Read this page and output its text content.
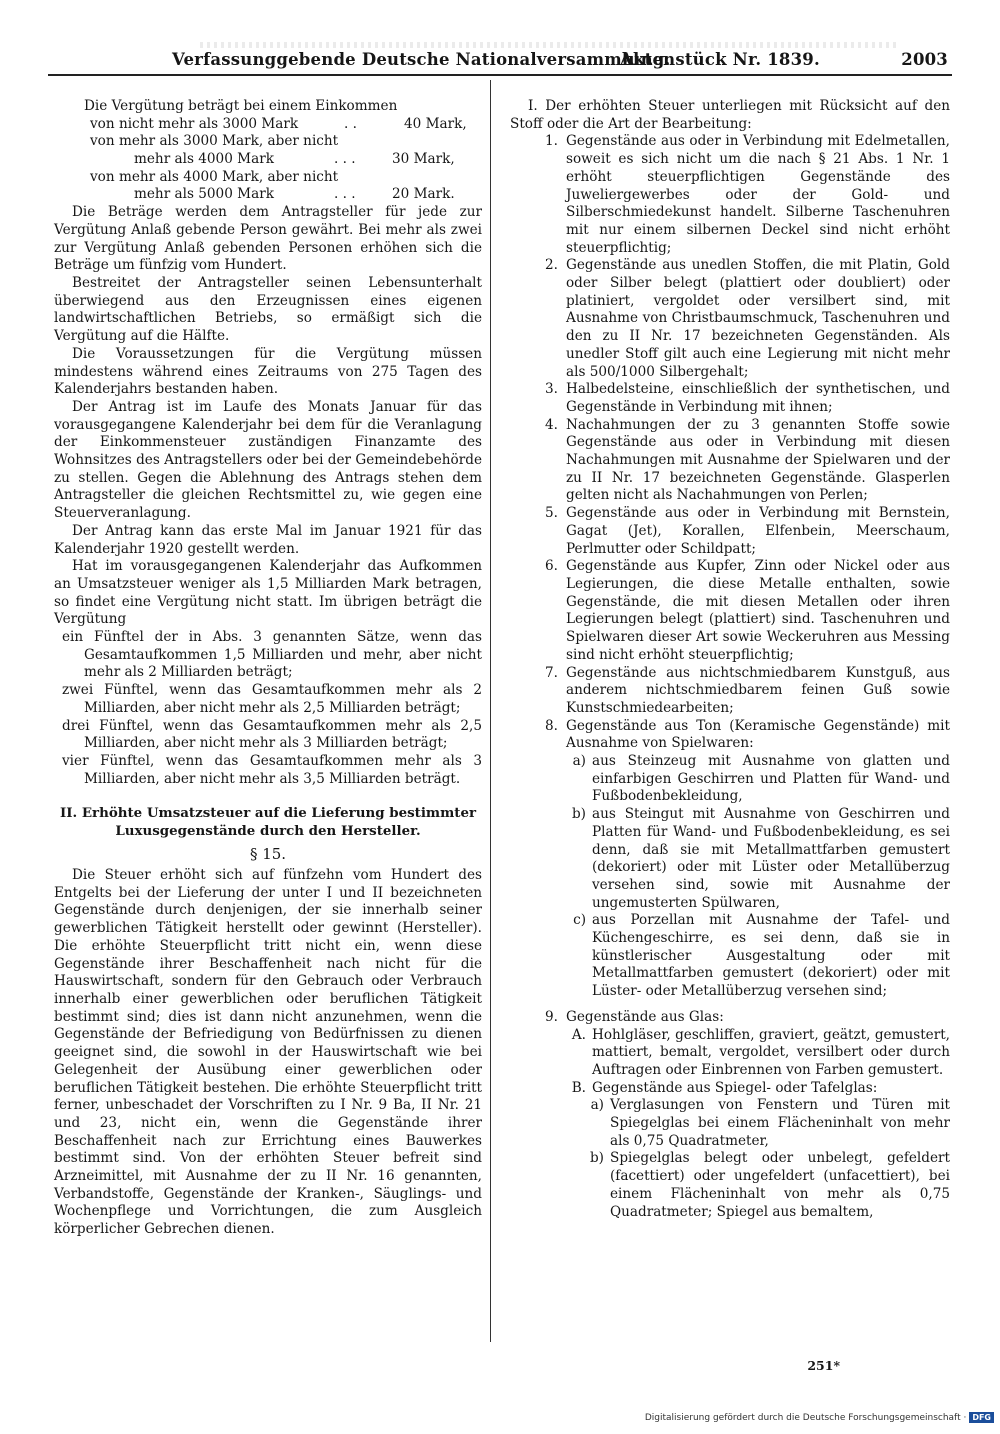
Verfassunggebende Deutsche Nationalversammlung.
Aktenstück Nr. 1839.	2003
Die Vergütung beträgt bei einem Einkommen
von nicht mehr als 3000 Mark	. .	40 Mark,
von mehr als 3000 Mark, aber nicht
mehr als 4000 Mark	. . .	30 Mark,
von mehr als 4000 Mark, aber nicht
mehr als 5000 Mark	. . .	20 Mark.

Die Beträge werden dem Antragsteller für jede zur Vergütung Anlaß gebende Person gewährt. Bei mehr als zwei zur Vergütung Anlaß gebenden Personen erhöhen sich die Beträge um fünfzig vom Hundert.

Bestreitet der Antragsteller seinen Lebensunterhalt überwiegend aus den Erzeugnissen eines eigenen landwirtschaftlichen Betriebs, so ermäßigt sich die Vergütung auf die Hälfte.

Die Voraussetzungen für die Vergütung müssen mindestens während eines Zeitraums von 275 Tagen des Kalenderjahrs bestanden haben.

Der Antrag ist im Laufe des Monats Januar für das vorausgegangene Kalenderjahr bei dem für die Veranlagung der Einkommensteuer zuständigen Finanzamte des Wohnsitzes des Antragstellers oder bei der Gemeindebehörde zu stellen. Gegen die Ablehnung des Antrags stehen dem Antragsteller die gleichen Rechtsmittel zu, wie gegen eine Steuerveranlagung.

Der Antrag kann das erste Mal im Januar 1921 für das Kalenderjahr 1920 gestellt werden.

Hat im vorausgegangenen Kalenderjahr das Aufkommen an Umsatzsteuer weniger als 1,5 Milliarden Mark betragen, so findet eine Vergütung nicht statt. Im übrigen beträgt die Vergütung

ein Fünftel der in Abs. 3 genannten Sätze, wenn das Gesamtaufkommen 1,5 Milliarden und mehr, aber nicht mehr als 2 Milliarden beträgt;
zwei Fünftel, wenn das Gesamtaufkommen mehr als 2 Milliarden, aber nicht mehr als 2,5 Milliarden beträgt;
drei Fünftel, wenn das Gesamtaufkommen mehr als 2,5 Milliarden, aber nicht mehr als 3 Milliarden beträgt;
vier Fünftel, wenn das Gesamtaufkommen mehr als 3 Milliarden, aber nicht mehr als 3,5 Milliarden beträgt.
II. Erhöhte Umsatzsteuer auf die Lieferung bestimmter Luxusgegenstände durch den Hersteller.
§ 15.

Die Steuer erhöht sich auf fünfzehn vom Hundert des Entgelts bei der Lieferung der unter I und II bezeichneten Gegenstände durch denjenigen, der sie innerhalb seiner gewerblichen Tätigkeit herstellt oder gewinnt (Hersteller). Die erhöhte Steuerpflicht tritt nicht ein, wenn diese Gegenstände ihrer Beschaffenheit nach nicht für die Hauswirtschaft, sondern für den Gebrauch oder Verbrauch innerhalb einer gewerblichen oder beruflichen Tätigkeit bestimmt sind; dies ist dann nicht anzunehmen, wenn die Gegenstände der Befriedigung von Bedürfnissen zu dienen geeignet sind, die sowohl in der Hauswirtschaft wie bei Gelegenheit der Ausübung einer gewerblichen oder beruflichen Tätigkeit bestehen. Die erhöhte Steuerpflicht tritt ferner, unbeschadet der Vorschriften zu I Nr. 9 Ba, II Nr. 21 und 23, nicht ein, wenn die Gegenstände ihrer Beschaffenheit nach zur Errichtung eines Bauwerkes bestimmt sind. Von der erhöhten Steuer befreit sind Arzneimittel, mit Ausnahme der zu II Nr. 16 genannten, Verbandstoffe, Gegenstände der Kranken-, Säuglings- und Wochenpflege und Vorrichtungen, die zum Ausgleich körperlicher Gebrechen dienen.

I. Der erhöhten Steuer unterliegen mit Rücksicht auf den Stoff oder die Art der Bearbeitung:

1. Gegenstände aus oder in Verbindung mit Edelmetallen, soweit es sich nicht um die nach § 21 Abs. 1 Nr. 1 erhöht steuerpflichtigen Gegenstände des Juweliergewerbes oder der Gold- und Silberschmiedekunst handelt. Silberne Taschenuhren mit nur einem silbernen Deckel sind nicht erhöht steuerpflichtig;
2. Gegenstände aus unedlen Stoffen, die mit Platin, Gold oder Silber belegt (plattiert oder doubliert) oder platiniert, vergoldet oder versilbert sind, mit Ausnahme von Christbaumschmuck, Taschenuhren und den zu II Nr. 17 bezeichneten Gegenständen. Als unedler Stoff gilt auch eine Legierung mit nicht mehr als 500/1000 Silbergehalt;
3. Halbedelsteine, einschließlich der synthetischen, und Gegenstände in Verbindung mit ihnen;
4. Nachahmungen der zu 3 genannten Stoffe sowie Gegenstände aus oder in Verbindung mit diesen Nachahmungen mit Ausnahme der Spielwaren und der zu II Nr. 17 bezeichneten Gegenstände. Glasperlen gelten nicht als Nachahmungen von Perlen;
5. Gegenstände aus oder in Verbindung mit Bernstein, Gagat (Jet), Korallen, Elfenbein, Meerschaum, Perlmutter oder Schildpatt;
6. Gegenstände aus Kupfer, Zinn oder Nickel oder aus Legierungen, die diese Metalle enthalten, sowie Gegenstände, die mit diesen Metallen oder ihren Legierungen belegt (plattiert) sind. Taschenuhren und Spielwaren dieser Art sowie Weckeruhren aus Messing sind nicht erhöht steuerpflichtig;
7. Gegenstände aus nichtschmiedbarem Kunstguß, aus anderem nichtschmiedbarem feinen Guß sowie Kunstschmiedearbeiten;
8. Gegenstände aus Ton (Keramische Gegenstände) mit Ausnahme von Spielwaren:
a) aus Steinzeug mit Ausnahme von glatten und einfarbigen Geschirren und Platten für Wand- und Fußbodenbekleidung,
b) aus Steingut mit Ausnahme von Geschirren und Platten für Wand- und Fußbodenbekleidung, es sei denn, daß sie mit Metallmattfarben gemustert (dekoriert) oder mit Lüster oder Metallüberzug versehen sind, sowie mit Ausnahme der ungemusterten Spülwaren,
c) aus Porzellan mit Ausnahme der Tafel- und Küchengeschirre, es sei denn, daß sie in künstlerischer Ausgestaltung oder mit Metallmattfarben gemustert (dekoriert) oder mit Lüster- oder Metallüberzug versehen sind;
9. Gegenstände aus Glas:
A. Hohlgläser, geschliffen, graviert, geätzt, gemustert, mattiert, bemalt, vergoldet, versilbert oder durch Auftragen oder Einbrennen von Farben gemustert.
B. Gegenstände aus Spiegel- oder Tafelglas:
a) Verglasungen von Fenstern und Türen mit Spiegelglas bei einem Flächeninhalt von mehr als 0,75 Quadratmeter,
b) Spiegelglas belegt oder unbelegt, gefeldert (facettiert) oder ungefeldert (unfacettiert), bei einem Flächeninhalt von mehr als 0,75 Quadratmeter; Spiegel aus bemaltem,
251*
Digitalisierung gefördert durch die Deutsche Forschungsgemeinschaft · DFG
